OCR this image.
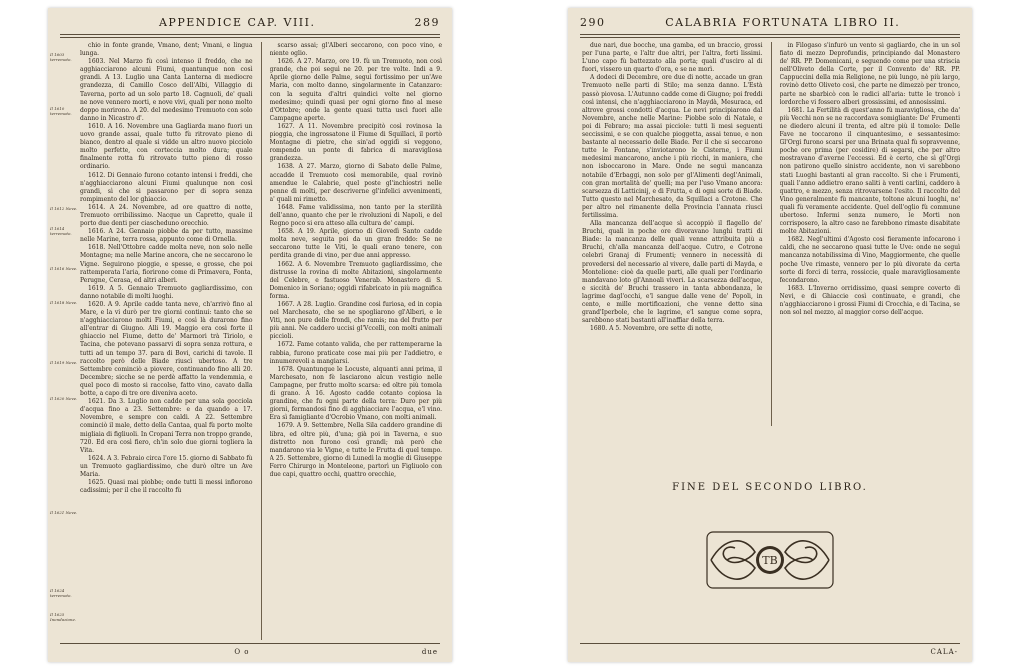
APPENDICE CAP. VIII.	289
Il 1603 terremoto.
Il 1610 terremoto.
Il 1612 Neve.
Il 1614 terremoto.
Il 1616 Neve.
Il 1618 Neve.
Il 1619 Neve.
Il 1620 Neve.
Il 1621 Neve.
Il 1624 terremoto.
Il 1625 Inondazione.

chio in fonte grande, Vmano, dent; Vmani, e lingua lunga.

1603. Nel Marzo fù così intenso il freddo, che ne agghiacciarono alcuni Fiumi, quantunque non così grandi. A 13. Luglio una Canta Lanterna di mediocre grandezza, di Camillo Cosco dell'Albi, Villaggio di Taverna, porto ad un solo parto 18. Cagnuoli, de' quali ne nove vennero morti, e nove vivi, quali per nono molto doppo morirono. A 20. del medesimo Tremuoto con solo danno in Nicastro d'.

1610. A 16. Novembre una Gagliarda mano fuori un uovo grande assai, quale tutto fù ritrovato pieno di bianco, dentro al quale si vidde un altro nuovo picciolo molto perfette, con corteccia molto dura; quale finalmente rotta fù ritrovato tutto pieno di rosso ordinario.

1612. Di Gennaio furono cotanto intensi i freddi, che n'agghiacciarono alcuni Fiumi qualunque non così grandi, sì che si passarono per di sopra senza rompimento del lor ghiaccio.

1614. A 24. Novembre, ad ore quattro di notte, Tremuoto orribilissimo. Nacque un Capretto, quale il porto due denti per ciascheduno orecchio.

1616. A 24. Gennaio piobbe da per tutto, massime nelle Marine, terra rossa, appunto come di Ornella.

1618. Nell'Ottobre cadde molta neve, non solo nelle Montagne; ma nelle Marine ancora, che ne seccarono le Vigne. Seguirono pioggie, e spesse, e grosse, che poi rattemperata l'aria, fiorirono come di Primavera, Fonta, Perugne, Cerasa, ed altri alberi.

1619. A 5. Gennaio Tremuoto gagliardissimo, con danno notabile di molti luoghi.

1620. A 9. Aprile cadde tanta neve, ch'arrivò fino al Mare, e la vi durò per tre giorni continui: tanto che se n'agghiacciarono molti Fiumi, e così là durarono fino all'entrar di Giugno. Alli 19. Maggio era così forte il ghiaccio nel Fiume, detto de' Marmori trà Tiriolo, e Tacina, che potevano passarvi di sopra senza rottura, e tutti ad un tempo 37. para di Bovi, carichi di tavole. Il raccolto però delle Biade riuscì ubertoso. A tre Settembre cominciò a piovere, continuando fino alli 20. Decembre; sicche se ne perdè affatto la vendemmia, e quel poco di mosto si raccolse, fatto vino, cavato dalla botte, a capo di tre ore diveniva aceto.

1621. Da 3. Luglio non cadde per una sola gocciola d'acqua fino a 23. Settembre: e da quando a 17. Novembre, e sempre con caldi. A 22. Settembre cominciò il male, detto della Cantaa, qual fù porto molte migliaia di figliuoli. In Cropani Terra non troppo grande, 720. Ed era così fiero, ch'in solo due giorni togliera la Vita.

1624. A 3. Febraio circa l'ore 15. giorno di Sabbato fù un Tremuoto gagliardissimo, che durò oltre un Ave Maria.

1625. Quasi mai piobbe; onde tutti li messi infiorono cadissimi; per il che il raccolto fù

scarso assai; gl'Alberi seccarono, con poco vino, e niente oglio.

1626. A 27. Marzo, ore 19. fù un Tremuoto, non così grande, che poi seguì ne 20. per tre volte. Indi a 9. Aprile giorno delle Palme, seguì fortissimo per un'Ave Maria, con molto danno, singolarmente in Catanzaro: con la seguita d'altri quindici volte nel giorno medesimo; quindi quasi per ogni giorno fino al mese d'Ottobre; onde la gente quasi tutta uscì fuori alle Campagne aperte.

1627. A 11. Novembre precipitò così rovinosa la pioggia, che ingrossatone il Fiume di Squillaci, il portò Montagne di pietre, che sin'ad oggidì si veggono, rompendo un ponte di fabrica di maravigliosa grandezza.

1638. A 27. Marzo, giorno di Sabato delle Palme, accadde il Tremuoto così memorabile, qual rovinò amendue le Calabrie, quel poste gl'inchiostri nelle penne di molti, per descriverne gl'infelici avvenimenti, a' quali mi rimetto.

1648. Fame validissima, non tanto per la sterilità dell'anno, quanto che per le rivoluzioni di Napoli, e del Regno poco si era atteso alla cultura de' campi.

1658. A 19. Aprile, giorno di Giovedì Santo cadde molta neve, seguita poi da un gran freddo: Se ne seccarono tutte le Viti, le quali erano tenere, con perdita grande di vino, per due anni appresso.

1662. A 6. Novembre Tremuoto gagliardissimo, che distrusse la rovina di molte Abitazioni, singolarmente del Celebre, e fastuoso Venerab. Monastero di S. Domenico in Soriano; oggidì rifabricato in più magnifica forma.

1667. A 28. Luglio. Grandine così furiosa, ed in copia nel Marchesato, che se ne spogliarono gl'Alberi, e le Viti, non pure delle frondi, che ramis; ma del frutto per più anni. Ne caddero uccisi gl'Vccelli, con molti animali piccioli.

1672. Fame cotanto valida, che per rattemperarne la rabbia, furono praticate cose mai più per l'addietro, e innumerevoli a mangiarsi.

1678. Quantunque le Locuste, alquanti anni prima, il Marchesato, non fè lasciarono alcun vestigio nelle Campagne, per frutto molto scarsa: ed oltre più tomola di grano. A 16. Agosto cadde cotanto copiosa la grandine, che fu ogni parte della terra: Duro per più giorni, fermandosi fino di agghiacciare l'acqua, e'l vino. Era sì famigliante d'Ocrobio Vmano, con molti animali.

1679. A 9. Settembre, Nella Sila caddero grandine di libra, ed oltre più, d'una; già poi in Taverna, e suo distretto non furono così grandi; mà però che mandarono via le Vigne, e tutte le Frutta di quel tempo. A 25. Settembre, giorno di Lunedì la moglie di Giuseppe Ferro Chirurgo in Monteleone, partorì un Figliuolo con due capi, quattro occhi, quattro orecchie,

O o	due
290	CALABRIA FORTUNATA LIBRO II.

due nari, due bocche, una gamba, ed un braccio, grossi per l'una parte, e l'altr due altri, per l'altra, forti lissimi. L'uno capo fù battezzato alla porta; quali d'usciro al di fuori, vissero un quarto d'ora, e se ne morì.

A dodeci di Decembre, ore due di notte, accade un gran Tremuoto nelle parti di Stilo; ma senza danno. L'Està passò piovosa. L'Autunno cadde come di Giugno; poi freddi così intensi, che n'agghiacciarono in Maydà, Mesuraca, ed altrove grossi condotti d'acqua. Le nevi principiarono dal Novembre, anche nelle Marine: Piobbe solo di Natale, e poi di Febraro; ma assai picciole: tutti li mesi seguenti seccissimi, e se con qualche pioggetta, assai tenue, e non bastante al necessario delle Biade. Per il che si seccarono tutte le Fontane, s'inviotarono le Cisterne, i Fiumi medesimi mancarono, anche i più ricchi, in maniera, che non isboccarono in Mare. Onde ne seguì mancanza notabile d'Erbaggi, non solo per gl'Alimenti degl'Animali, con gran mortalità de' quelli; ma per l'uso Vmano ancora: scarsezza di Latticinij, e di Frutta, e di ogni sorte di Biade. Tutto questo nel Marchesato, da Squillaci a Crotone. Che per altro nel rimanente della Provincia l'annata riuscì fertilissima.

Alla mancanza dell'acque sì accoppiò il flagello de' Bruchi, quali in poche ore divoravano lunghi tratti di Biade: la mancanza delle quali venne attribuita più a Bruchi, ch'alla mancanza dell'acque. Cutro, e Cotrone celebri Granaj di Frumenti; vennero in necessità di provedersi del necessario al vivere, dalle parti di Mayda, e Montelione: cioè da quelle parti, alle quali per l'ordinario mandavano loto gl'Annoali viveri. La scarsezza dell'acque, e siccità de' Bruchi trassero in tanta abbondanza, le lagrime dagl'occhi, e'l sangue dalle vene de' Popoli, in cento, e mille mortificazioni, che venne detto sina grand'Iperbole, che le lagrime, e'l sangue come sopra, sarebbono stati bastanti all'inaffiar della terra.

1680. A 5. Novembre, ore sette di notte,

in Filogaso s'infurò un vento sì gagliardo, che in un sol fiato di mezzo Deprofundis, principiando dal Monastero de' RR. PP. Domenicani, e seguendo come per una striscia nell'Oliveto della Corte, per il Convento de' RR. PP. Cappuccini della mia Religione, ne più lungo, nè più largo, rovinò detto Oliveto così, che parte ne dimezzò per tronco, parte ne sbarbicò con le radici all'aria: tutte le troncò i lordorche vi fossero alberi grossissimi, ed annosissimi.

1681. La Fertilità di quest'anno fù maravigliosa, che da' più Vecchi non se ne raccordava somigliante: De' Frumenti ne diedero alcuni il trenta, ed altre più il tomolo: Delle Fave ne toccarono il cinquantesimo, e sessantesimo: Gl'Orgi furono scarsi per una Brinata qual fù sopravvenne, poche ore prima (per cosidire) di segarsi, che per altro mostravano d'averne l'eccessi. Ed è certo, che sì gl'Orgi non patirono quello sinistro accidente, non vi sarebbono stati Luoghi bastanti al gran raccolto. Si che i Frumenti, quali l'anno addietro erano saliti à venti carlini, caddero à quattro, e mezzo, senza ritrovarsene l'esito. Il raccolto del Vino generalmente fù mancante, toltone alcuni luoghi, ne' quali fù veramente accidente. Quel dell'oglio fù commune ubertoso. Infermi senza numero, le Morti non corrisposero, la altro caso ne farebbono rimaste disabitate molte Abitazioni.

1682. Negl'ultimi d'Agosto così fieramente infocarono i caldi, che ne seccarono quasi tutte le Uve: onde ne seguì mancanza notabilissima di Vino, Maggiormente, che quelle poche Uve rimaste, vennero per lo più divorate da certa sorte di forci di terra, rossiccie, quale maravigliosamente fecondarono.

1683. L'Inverno orridissimo, quasi sempre coverto di Nevi, e di Ghiaccie così continuate, e grandi, che n'agghiacciarono i grossi Fiumi di Crocchia, e di Tacina, se non sol nel mezzo, al maggior corso dell'acque.

FINE DEL SECONDO LIBRO.
TB
CALA-
